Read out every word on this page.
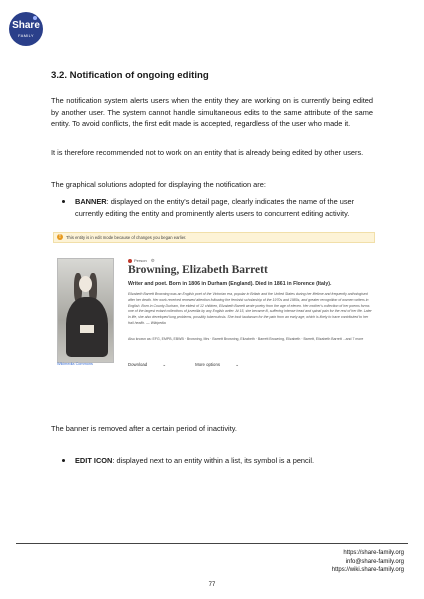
Share
FAMILY
3.2. Notification of ongoing editing

The notification system alerts users when the entity they are working on is currently being edited by another user. The system cannot handle simultaneous edits to the same attribute of the same entity. To avoid conflicts, the first edit made is accepted, regardless of the user who made it.

It is therefore recommended not to work on an entity that is already being edited by other users.

The graphical solutions adopted for displaying the notification are:

BANNER: displayed on the entity's detail page, clearly indicates the name of the user currently editing the entity and prominently alerts users to concurrent editing activity.
!	This entity is in edit mode because of changes you began earlier.
Wikimedia Commons
Person ⚙
Browning, Elizabeth Barrett
Writer and poet. Born in 1806 in Durham (England). Died in 1861 in Florence (Italy).
Elizabeth Barrett Browning was an English poet of the Victorian era, popular in Britain and the United States during her lifetime and frequently anthologised after her death. Her work received renewed attention following the feminist scholarship of the 1970s and 1980s, and greater recognition of women writers in English. Born in County Durham, the eldest of 12 children, Elizabeth Barrett wrote poetry from the age of eleven. Her mother's collection of her poems forms one of the largest extant collections of juvenilia by any English writer. At 15, she became ill, suffering intense head and spinal pain for the rest of her life. Later in life, she also developed lung problems, possibly tuberculosis. She took laudanum for the pain from an early age, which is likely to have contributed to her frail health. — Wikipedia
Also known as: EFG, EMPB, EBWB · Browning, Mrs · Barrett Browning, Elizabeth · Barrett Browning, Elizabeth · Barrett, Elizabeth Barrett ...and 7 more
Download	⌄	More options	⌄

The banner is removed after a certain period of inactivity.

EDIT ICON: displayed next to an entity within a list, its symbol is a pencil.
https://share-family.org
info@share-family.org
https://wiki.share-family.org
77
